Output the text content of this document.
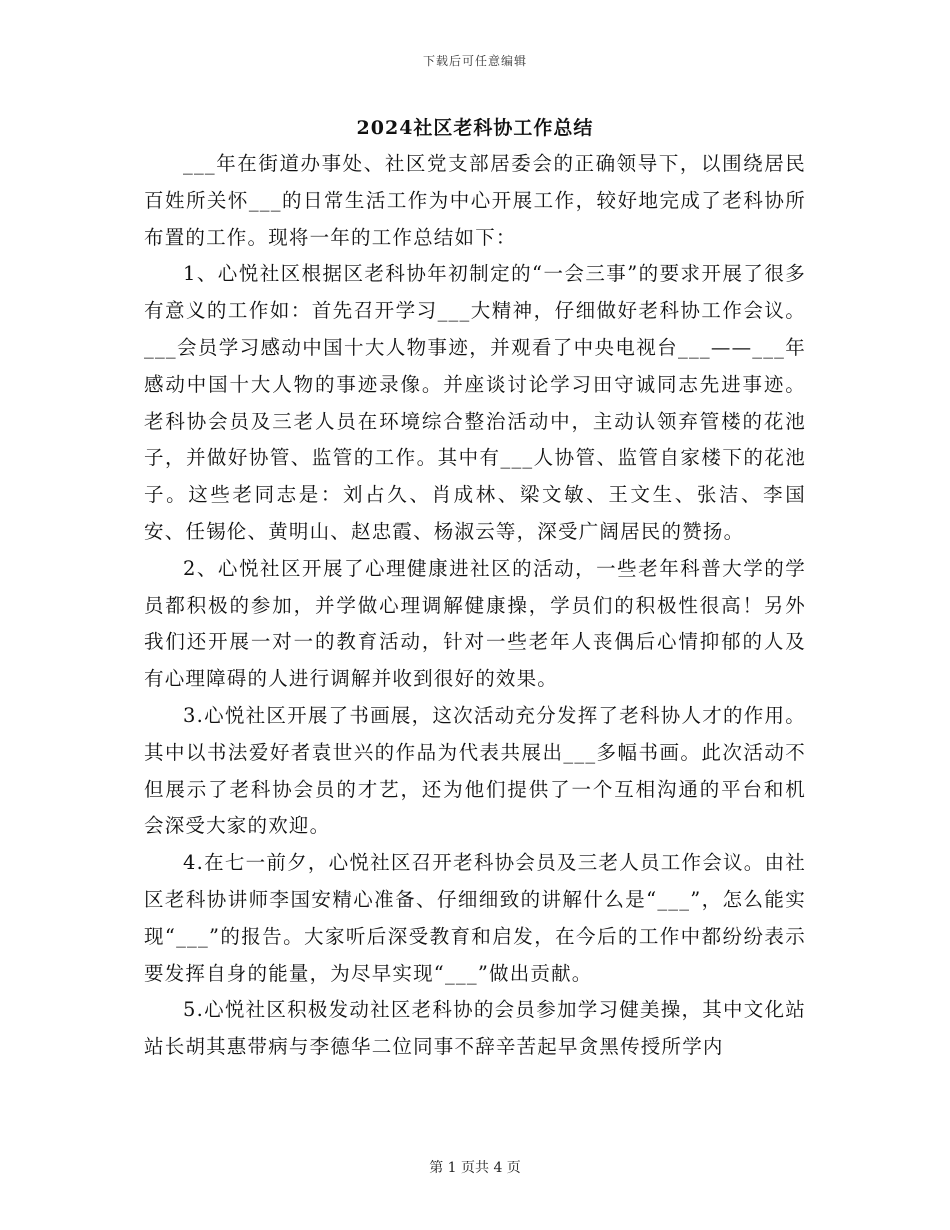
下载后可任意编辑
2024社区老科协工作总结

___年在街道办事处、社区党支部居委会的正确领导下，以围绕居民百姓所关怀___的日常生活工作为中心开展工作，较好地完成了老科协所布置的工作。现将一年的工作总结如下：

1、心悦社区根据区老科协年初制定的“一会三事”的要求开展了很多有意义的工作如：首先召开学习___大精神，仔细做好老科协工作会议。___会员学习感动中国十大人物事迹，并观看了中央电视台___——___年感动中国十大人物的事迹录像。并座谈讨论学习田守诚同志先进事迹。老科协会员及三老人员在环境综合整治活动中，主动认领弃管楼的花池子，并做好协管、监管的工作。其中有___人协管、监管自家楼下的花池子。这些老同志是：刘占久、肖成林、梁文敏、王文生、张洁、李国安、任锡伦、黄明山、赵忠霞、杨淑云等，深受广阔居民的赞扬。

2、心悦社区开展了心理健康进社区的活动，一些老年科普大学的学员都积极的参加，并学做心理调解健康操，学员们的积极性很高！另外我们还开展一对一的教育活动，针对一些老年人丧偶后心情抑郁的人及有心理障碍的人进行调解并收到很好的效果。

3.心悦社区开展了书画展，这次活动充分发挥了老科协人才的作用。其中以书法爱好者袁世兴的作品为代表共展出___多幅书画。此次活动不但展示了老科协会员的才艺，还为他们提供了一个互相沟通的平台和机会深受大家的欢迎。

4.在七一前夕，心悦社区召开老科协会员及三老人员工作会议。由社区老科协讲师李国安精心准备、仔细细致的讲解什么是“___”，怎么能实现“___”的报告。大家听后深受教育和启发，在今后的工作中都纷纷表示要发挥自身的能量，为尽早实现“___”做出贡献。

5.心悦社区积极发动社区老科协的会员参加学习健美操，其中文化站站长胡其惠带病与李德华二位同事不辞辛苦起早贪黑传授所学内

第 1 页共 4 页
